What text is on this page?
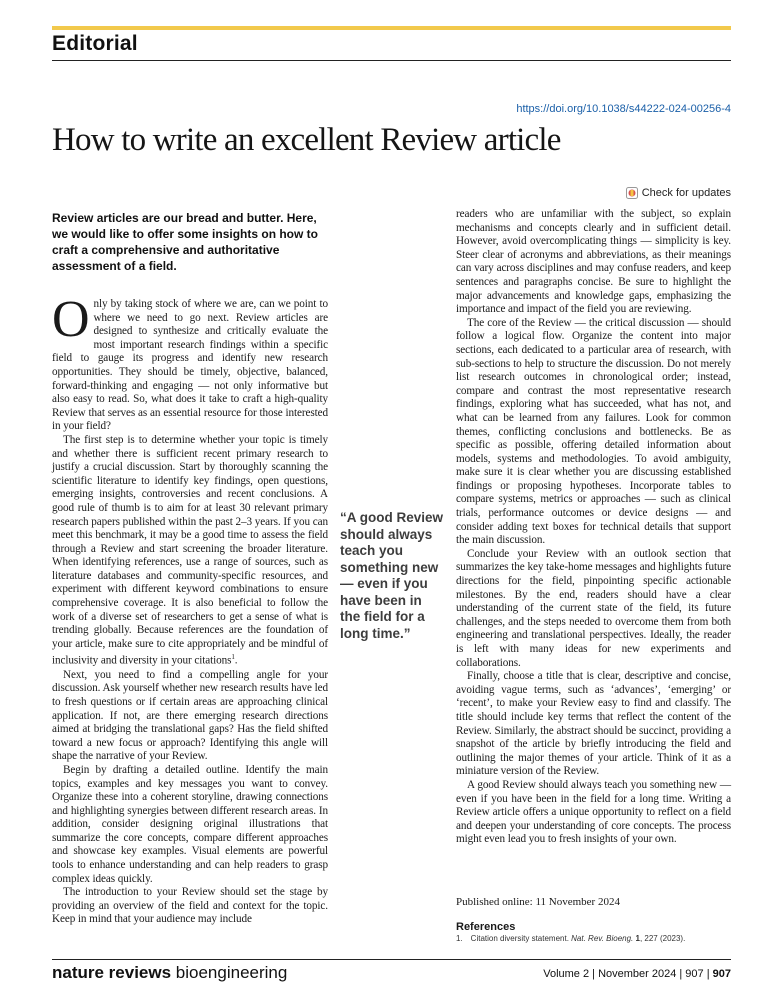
Editorial
https://doi.org/10.1038/s44222-024-00256-4
How to write an excellent Review article
Check for updates
Review articles are our bread and butter. Here, we would like to offer some insights on how to craft a comprehensive and authoritative assessment of a field.

Only by taking stock of where we are, can we point to where we need to go next. Review articles are designed to synthesize and critically evaluate the most important research findings within a specific field to gauge its progress and identify new research opportunities. They should be timely, objective, balanced, forward-thinking and engaging — not only informative but also easy to read. So, what does it take to craft a high-quality Review that serves as an essential resource for those interested in your field?

The first step is to determine whether your topic is timely and whether there is sufficient recent primary research to justify a crucial discussion. Start by thoroughly scanning the scientific literature to identify key findings, open questions, emerging insights, controversies and recent conclusions. A good rule of thumb is to aim for at least 30 relevant primary research papers published within the past 2–3 years. If you can meet this benchmark, it may be a good time to assess the field through a Review and start screening the broader literature. When identifying references, use a range of sources, such as literature databases and community-specific resources, and experiment with different keyword combinations to ensure comprehensive coverage. It is also beneficial to follow the work of a diverse set of researchers to get a sense of what is trending globally. Because references are the foundation of your article, make sure to cite appropriately and be mindful of inclusivity and diversity in your citations$^1$.

Next, you need to find a compelling angle for your discussion. Ask yourself whether new research results have led to fresh questions or if certain areas are approaching clinical application. If not, are there emerging research directions aimed at bridging the translational gaps? Has the field shifted toward a new focus or approach? Identifying this angle will shape the narrative of your Review.

Begin by drafting a detailed outline. Identify the main topics, examples and key messages you want to convey. Organize these into a coherent storyline, drawing connections and highlighting synergies between different research areas. In addition, consider designing original illustrations that summarize the core concepts, compare different approaches and showcase key examples. Visual elements are powerful tools to enhance understanding and can help readers to grasp complex ideas quickly.

The introduction to your Review should set the stage by providing an overview of the field and context for the topic. Keep in mind that your audience may include

“A good Review should always teach you something new — even if you have been in the field for a long time.”

readers who are unfamiliar with the subject, so explain mechanisms and concepts clearly and in sufficient detail. However, avoid overcomplicating things — simplicity is key. Steer clear of acronyms and abbreviations, as their meanings can vary across disciplines and may confuse readers, and keep sentences and paragraphs concise. Be sure to highlight the major advancements and knowledge gaps, emphasizing the importance and impact of the field you are reviewing.

The core of the Review — the critical discussion — should follow a logical flow. Organize the content into major sections, each dedicated to a particular area of research, with sub-sections to help to structure the discussion. Do not merely list research outcomes in chronological order; instead, compare and contrast the most representative research findings, exploring what has succeeded, what has not, and what can be learned from any failures. Look for common themes, conflicting conclusions and bottlenecks. Be as specific as possible, offering detailed information about models, systems and methodologies. To avoid ambiguity, make sure it is clear whether you are discussing established findings or proposing hypotheses. Incorporate tables to compare systems, metrics or approaches — such as clinical trials, performance outcomes or device designs — and consider adding text boxes for technical details that support the main discussion.

Conclude your Review with an outlook section that summarizes the key take-home messages and highlights future directions for the field, pinpointing specific actionable milestones. By the end, readers should have a clear understanding of the current state of the field, its future challenges, and the steps needed to overcome them from both engineering and translational perspectives. Ideally, the reader is left with many ideas for new experiments and collaborations.

Finally, choose a title that is clear, descriptive and concise, avoiding vague terms, such as ‘advances’, ‘emerging’ or ‘recent’, to make your Review easy to find and classify. The title should include key terms that reflect the content of the Review. Similarly, the abstract should be succinct, providing a snapshot of the article by briefly introducing the field and outlining the major themes of your article. Think of it as a miniature version of the Review.

A good Review should always teach you something new — even if you have been in the field for a long time. Writing a Review article offers a unique opportunity to reflect on a field and deepen your understanding of core concepts. The process might even lead you to fresh insights of your own.

Published online: 11 November 2024
References
1. Citation diversity statement. Nat. Rev. Bioeng. 1, 227 (2023).
nature reviews bioengineering	Volume 2 | November 2024 | 907 | 907
